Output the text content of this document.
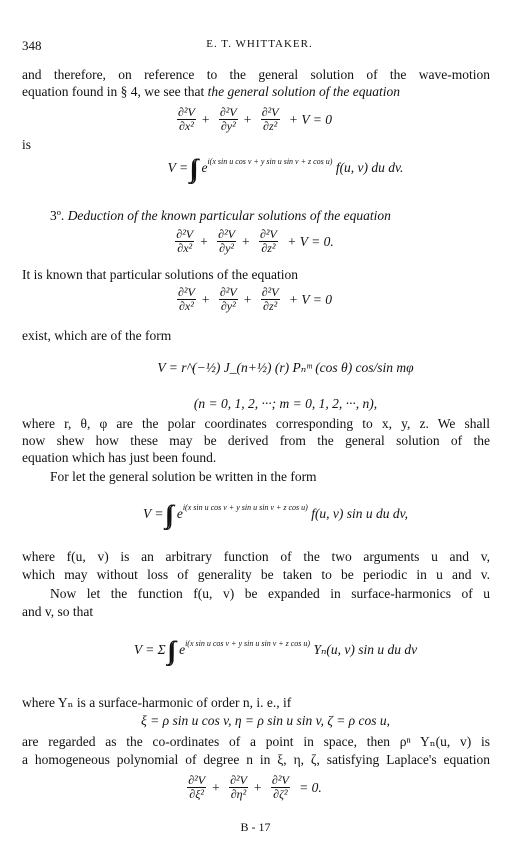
348	E. T. WHITTAKER.
and therefore, on reference to the general solution of the wave-motion
equation found in § 4, we see that the general solution of the equation
$\frac{\text{∂²V}}{\text{∂x²}} + \frac{\text{∂²V}}{\text{∂y²}} + \frac{\text{∂²V}}{\text{∂z²}} + V = 0$
is
$V = e^{i(x sin u cos v + y sin u sin v + z cos u)}$ f(u, v) du dv.
3º. Deduction of the known particular solutions of the equation
$\frac{\text{∂²V}}{\text{∂x²}} + \frac{\text{∂²V}}{\text{∂y²}} + \frac{\text{∂²V}}{\text{∂z²}} + V = 0$.
It is known that particular solutions of the equation
$\frac{\text{∂²V}}{\text{∂x²}} + \frac{\text{∂²V}}{\text{∂y²}} + \frac{\text{∂²V}}{\text{∂z²}} + V = 0$
exist, which are of the form
V = r^(−½) J_(n+½) (r) Pₙᵐ (cos θ) cos/sin mφ
(n = 0, 1, 2, ···; m = 0, 1, 2, ···, n),
where r, θ, φ are the polar coordinates corresponding to x, y, z. We shall
now shew how these may be derived from the general solution of the
equation which has just been found.
For let the general solution be written in the form
$V = e^{i(x sin u cos v + y sin u sin v + z cos u)}$ f(u, v) sin u du dv,
where f(u, v) is an arbitrary function of the two arguments u and v,
which may without loss of generality be taken to be periodic in u and v.
Now let the function f(u, v) be expanded in surface-harmonics of u
and v, so that
V = Σ $e^{i(x sin u cos v + y sin u sin v + z cos u)}$ Yₙ(u, v) sin u du dv
where Yₙ is a surface-harmonic of order n, i. e., if
ξ = ρ sin u cos v, η = ρ sin u sin v, ζ = ρ cos u,
are regarded as the co-ordinates of a point in space, then ρⁿ Yₙ(u, v) is
a homogeneous polynomial of degree n in ξ, η, ζ, satisfying Laplace's equation
$\frac{\text{∂²V}}{\text{∂ξ²}} + \frac{\text{∂²V}}{\text{∂η²}} + \frac{\text{∂²V}}{\text{∂ζ²}} = 0$.
B - 17
